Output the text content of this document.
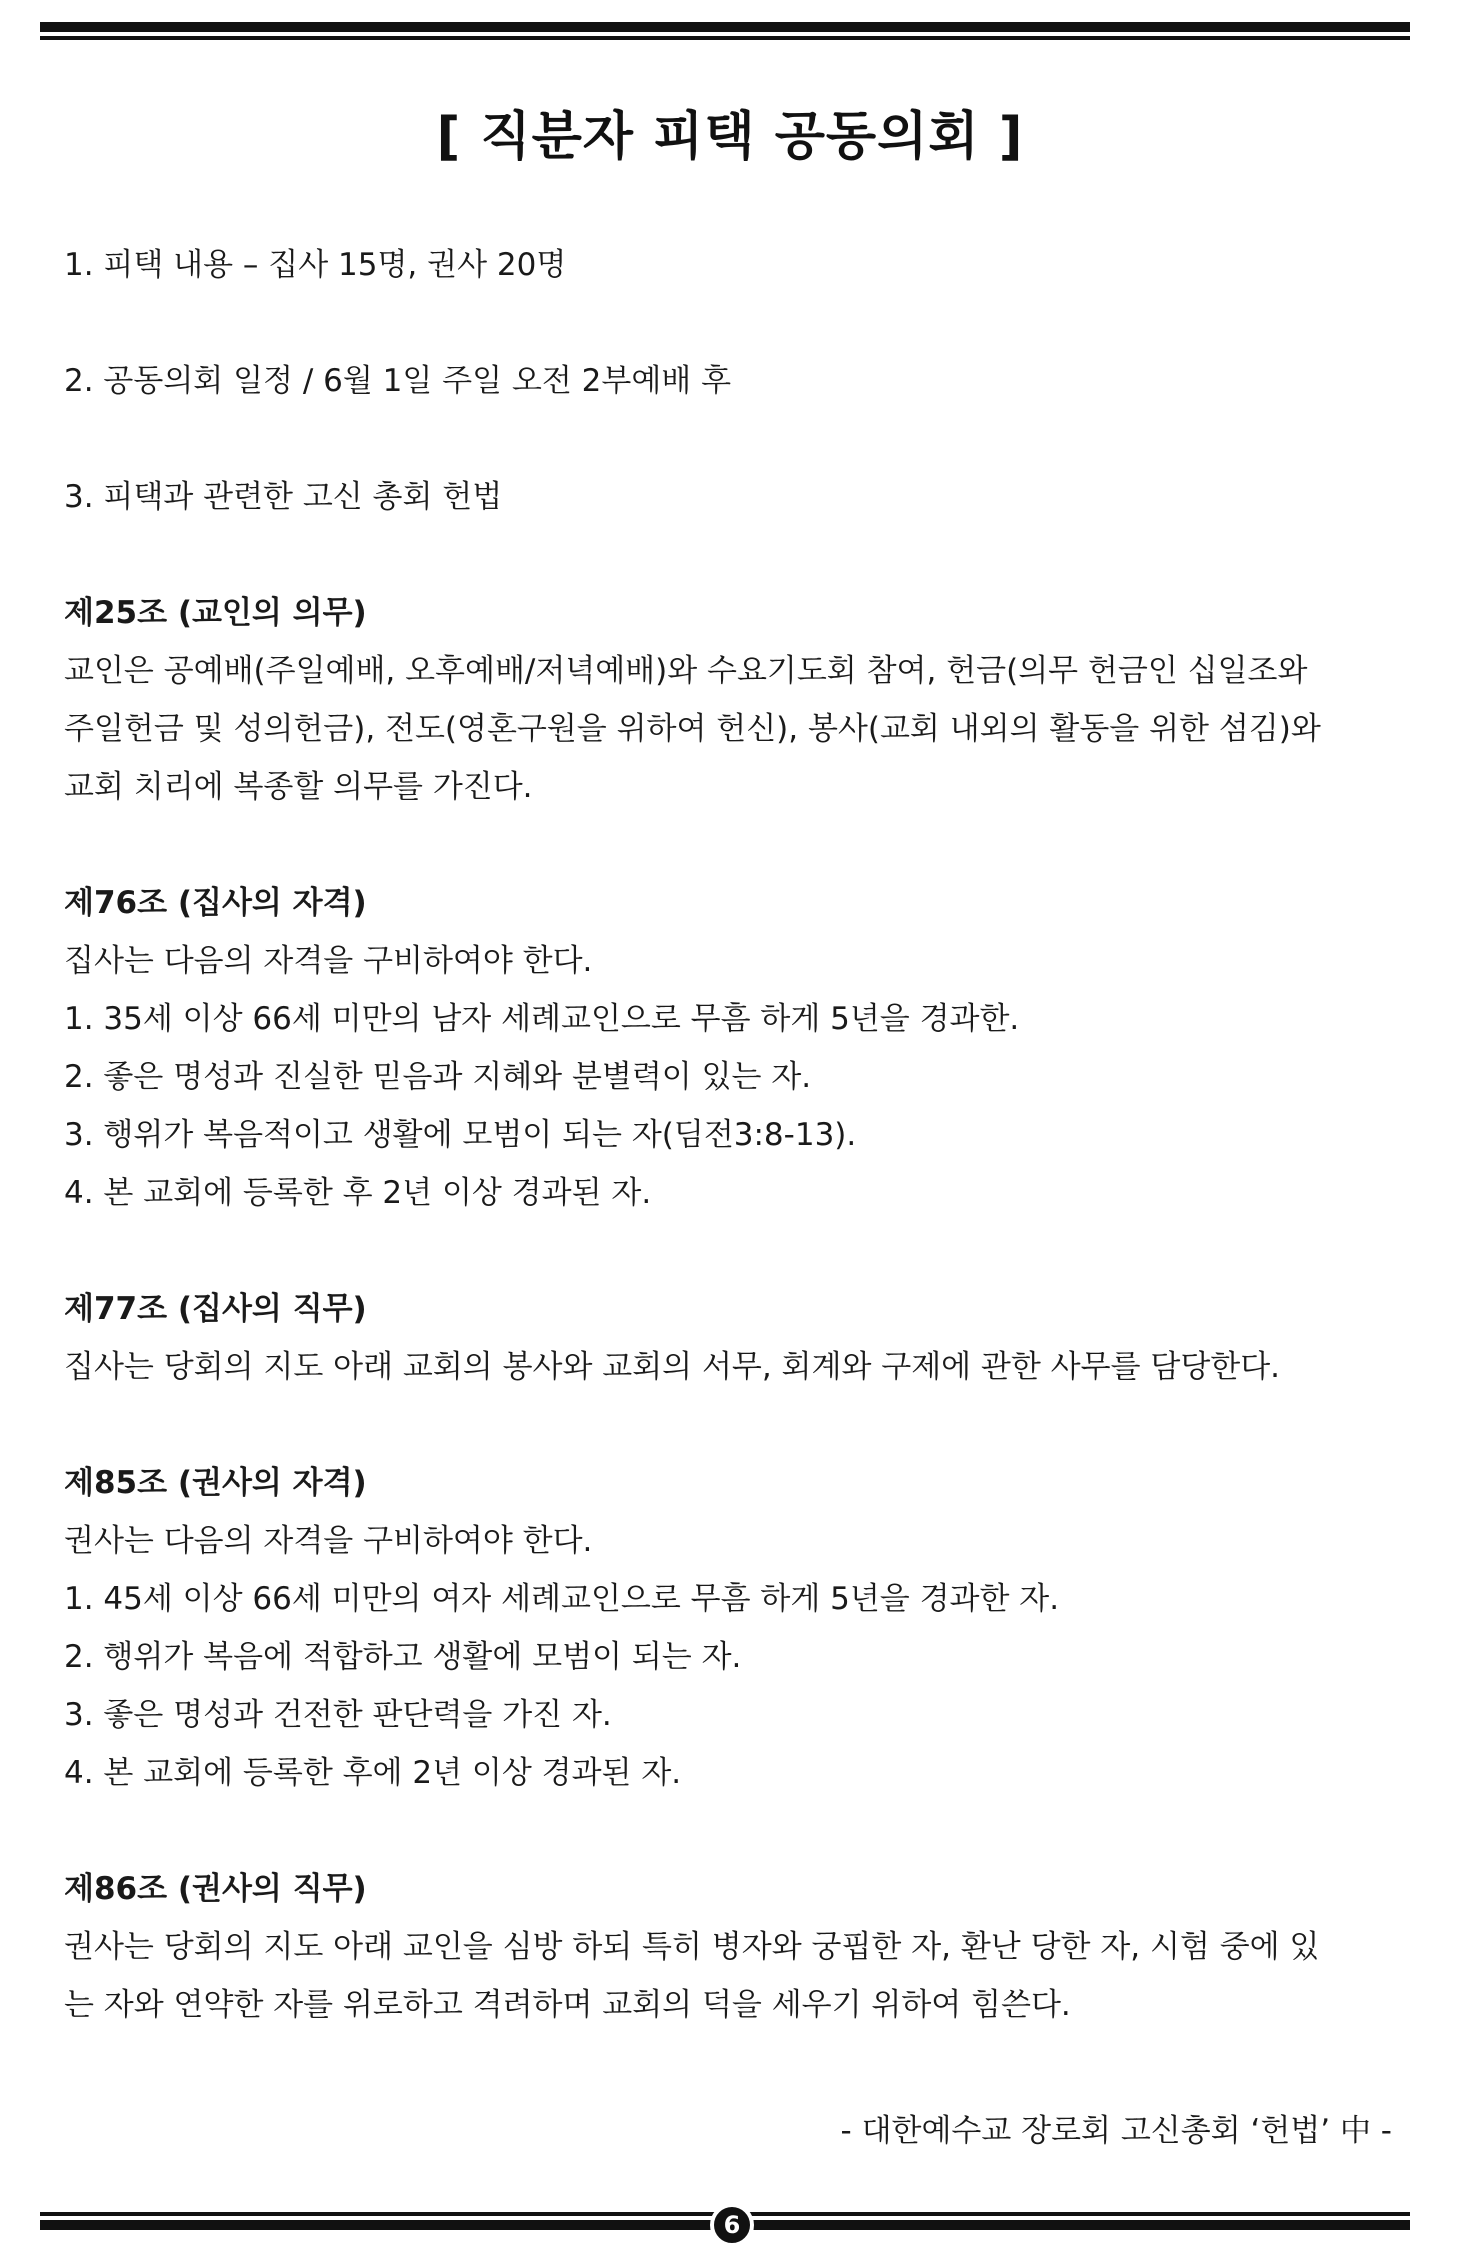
[ 직분자 피택 공동의회 ]
1. 피택 내용 – 집사 15명, 권사 20명
2. 공동의회 일정 / 6월 1일 주일 오전 2부예배 후
3. 피택과 관련한 고신 총회 헌법
제25조 (교인의 의무)
교인은 공예배(주일예배, 오후예배/저녁예배)와 수요기도회 참여, 헌금(의무 헌금인 십일조와
주일헌금 및 성의헌금), 전도(영혼구원을 위하여 헌신), 봉사(교회 내외의 활동을 위한 섬김)와
교회 치리에 복종할 의무를 가진다.
제76조 (집사의 자격)
집사는 다음의 자격을 구비하여야 한다.
1. 35세 이상 66세 미만의 남자 세례교인으로 무흠 하게 5년을 경과한.
2. 좋은 명성과 진실한 믿음과 지혜와 분별력이 있는 자.
3. 행위가 복음적이고 생활에 모범이 되는 자(딤전3:8-13).
4. 본 교회에 등록한 후 2년 이상 경과된 자.
제77조 (집사의 직무)
집사는 당회의 지도 아래 교회의 봉사와 교회의 서무, 회계와 구제에 관한 사무를 담당한다.
제85조 (권사의 자격)
권사는 다음의 자격을 구비하여야 한다.
1. 45세 이상 66세 미만의 여자 세례교인으로 무흠 하게 5년을 경과한 자.
2. 행위가 복음에 적합하고 생활에 모범이 되는 자.
3. 좋은 명성과 건전한 판단력을 가진 자.
4. 본 교회에 등록한 후에 2년 이상 경과된 자.
제86조 (권사의 직무)
권사는 당회의 지도 아래 교인을 심방 하되 특히 병자와 궁핍한 자, 환난 당한 자, 시험 중에 있
는 자와 연약한 자를 위로하고 격려하며 교회의 덕을 세우기 위하여 힘쓴다.
- 대한예수교 장로회 고신총회 ‘헌법’ 中 -
6
